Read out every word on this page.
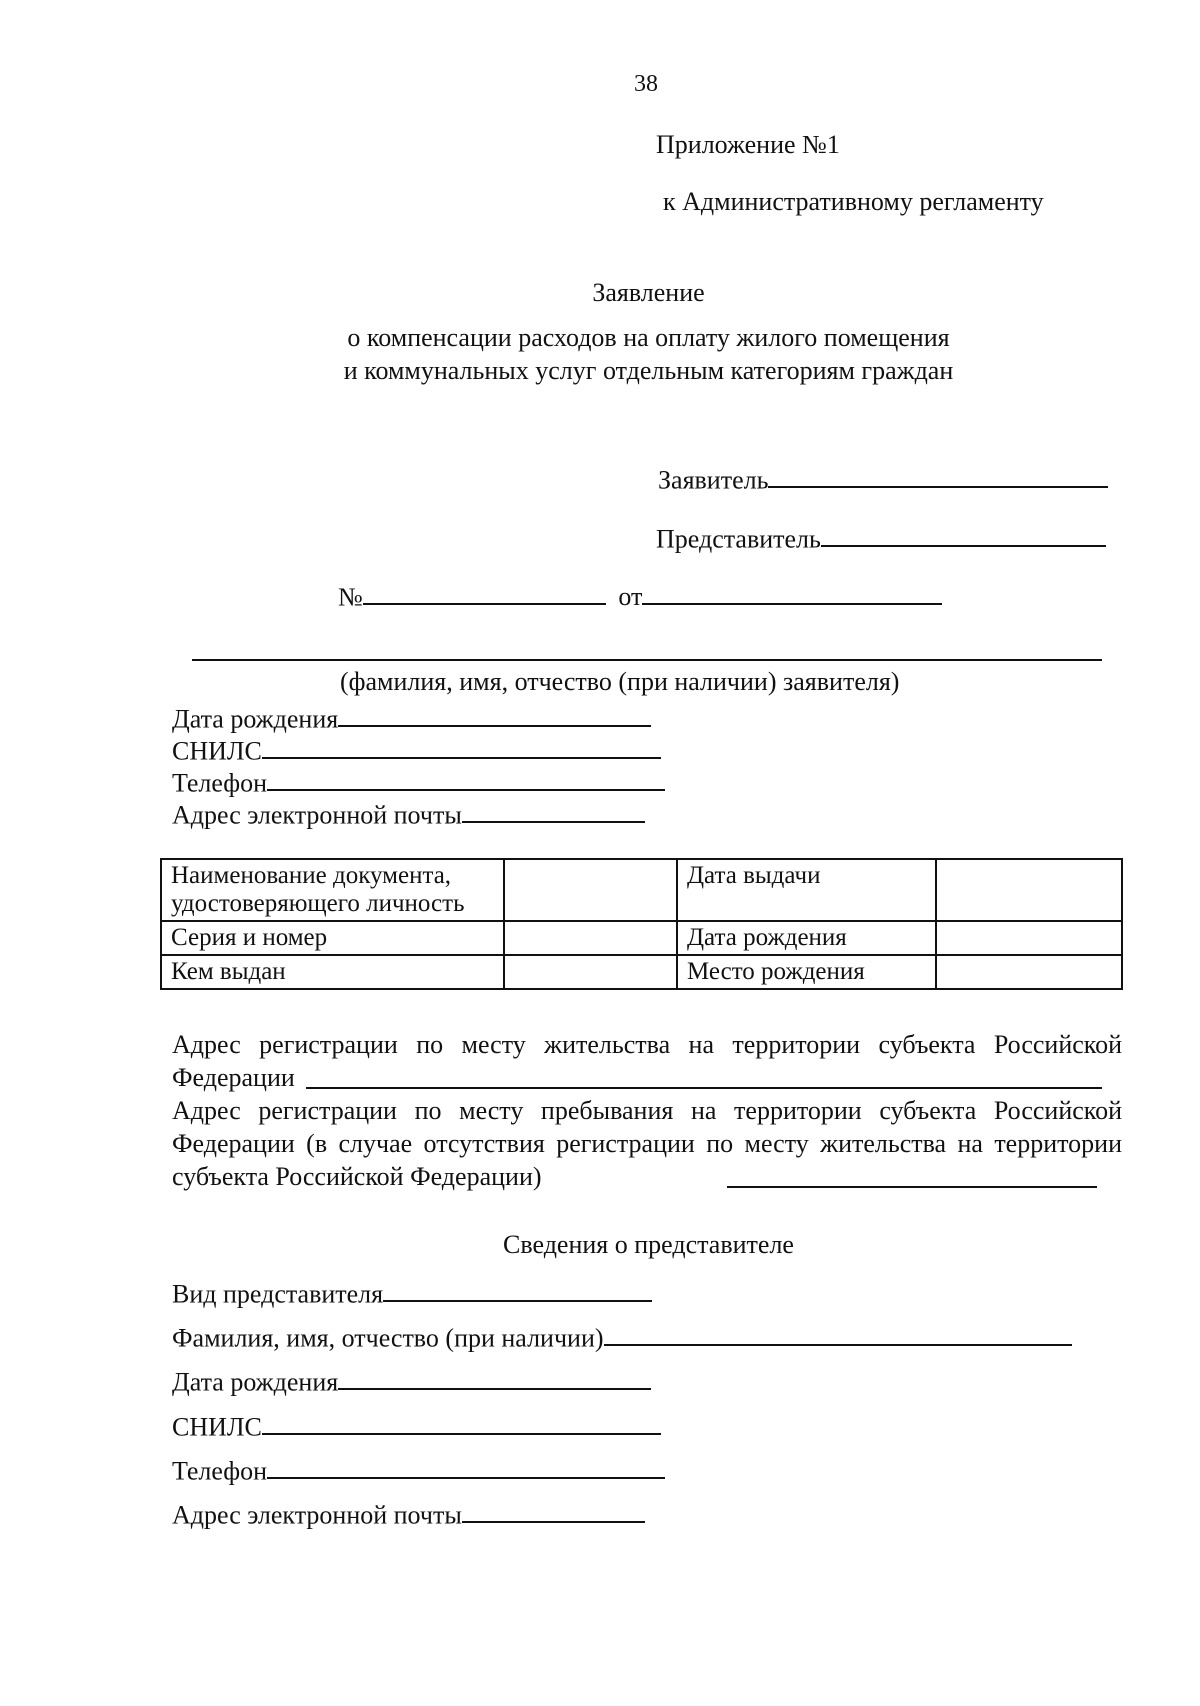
38
Приложение №1
к Административному регламенту
Заявление
о компенсации расходов на оплату жилого помещения
и коммунальных услуг отдельным категориям граждан
Заявитель
Представитель
№	от
(фамилия, имя, отчество (при наличии) заявителя)
Дата рождения
СНИЛС
Телефон
Адрес электронной почты
Наименование документа, удостоверяющего личность		Дата выдачи	
Серия и номер		Дата рождения	
Кем выдан		Место рождения	
Адрес регистрации по месту жительства на территории субъекта Российской Федерации
Адрес регистрации по месту пребывания на территории субъекта Российской Федерации (в случае отсутствия регистрации по месту жительства на территории субъекта Российской Федерации)
Сведения о представителе
Вид представителя
Фамилия, имя, отчество (при наличии)
Дата рождения
СНИЛС
Телефон
Адрес электронной почты
